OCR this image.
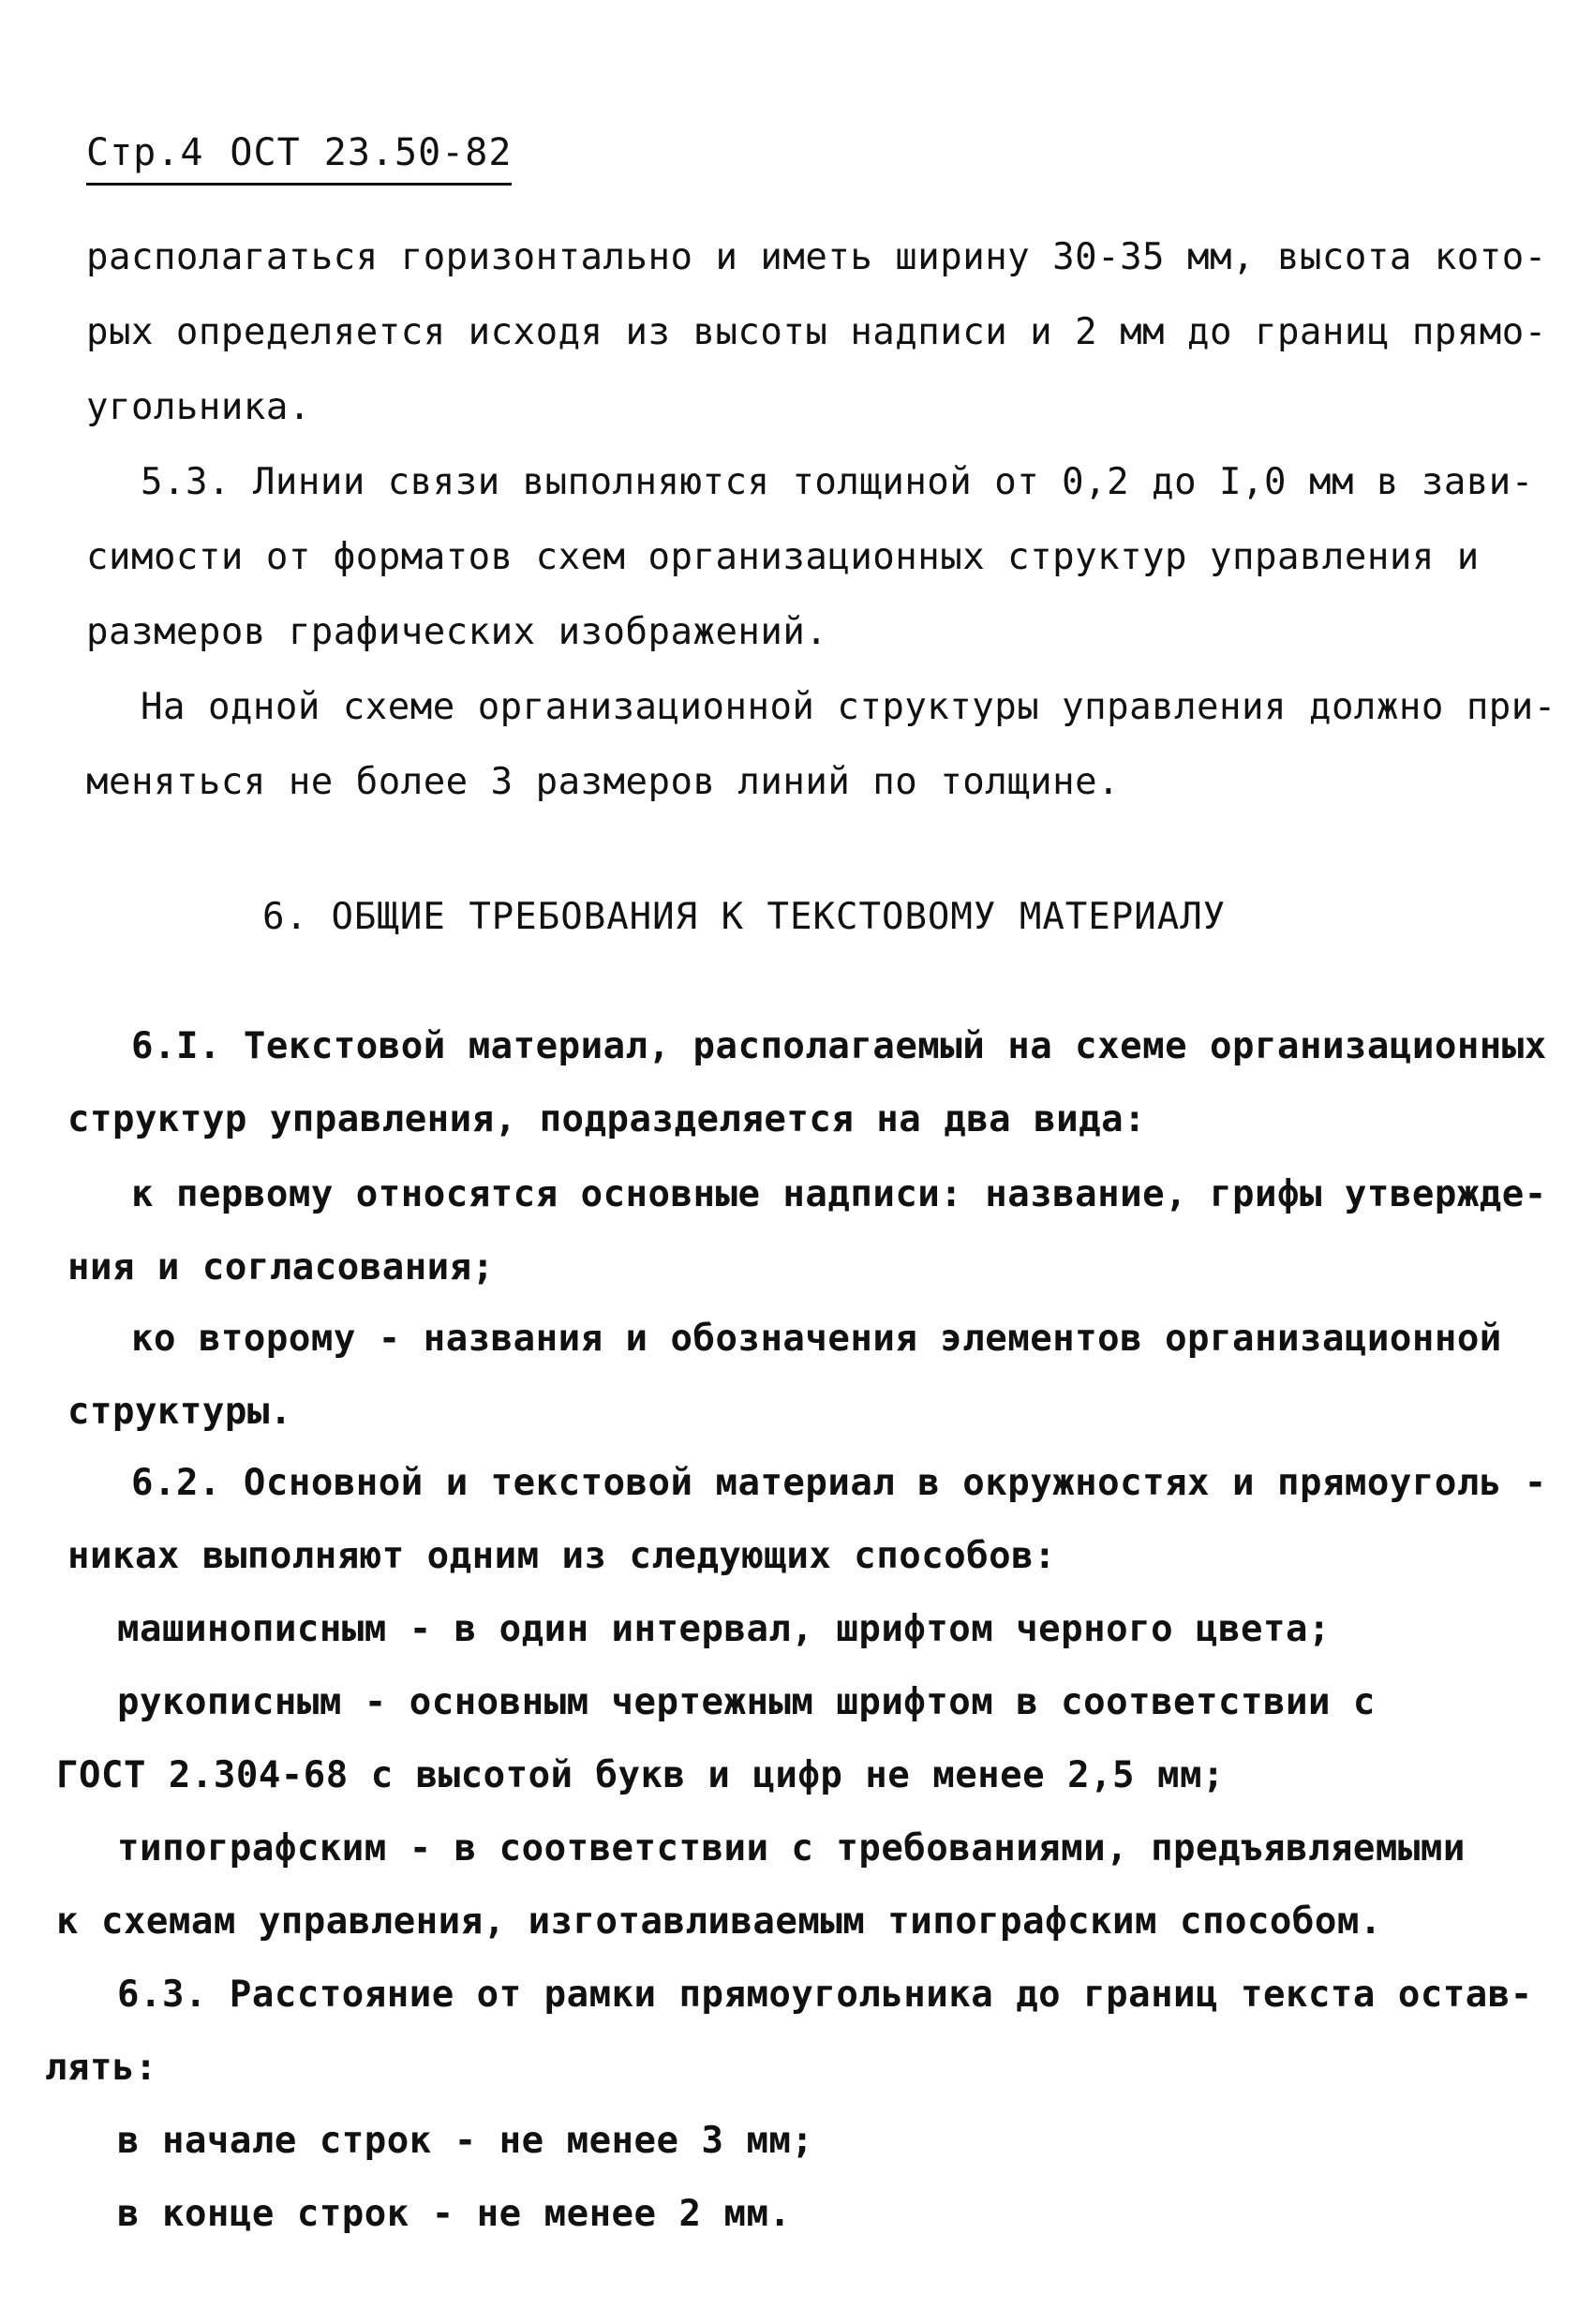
Стр.4 ОСТ 23.50-82
располагаться горизонтально и иметь ширину 30-35 мм, высота кото-
рых определяется исходя из высоты надписи и 2 мм до границ прямо-
угольника.
5.3. Линии связи выполняются толщиной от 0,2 до I,0 мм в зави-
симости от форматов схем организационных структур управления и
размеров графических изображений.
На одной схеме организационной структуры управления должно при-
меняться не более 3 размеров линий по толщине.
6. ОБЩИЕ ТРЕБОВАНИЯ К ТЕКСТОВОМУ МАТЕРИАЛУ
6.I. Текстовой материал, располагаемый на схеме организационных
структур управления, подразделяется на два вида:
к первому относятся основные надписи: название, грифы утвержде-
ния и согласования;
ко второму - названия и обозначения элементов организационной
структуры.
6.2. Основной и текстовой материал в окружностях и прямоуголь -
никах выполняют одним из следующих способов:
машинописным - в один интервал, шрифтом черного цвета;
рукописным - основным чертежным шрифтом в соответствии с
ГОСТ 2.304-68 с высотой букв и цифр не менее 2,5 мм;
типографским - в соответствии с требованиями, предъявляемыми
к схемам управления, изготавливаемым типографским способом.
6.3. Расстояние от рамки прямоугольника до границ текста остав-
лять:
в начале строк - не менее 3 мм;
в конце строк - не менее 2 мм.
